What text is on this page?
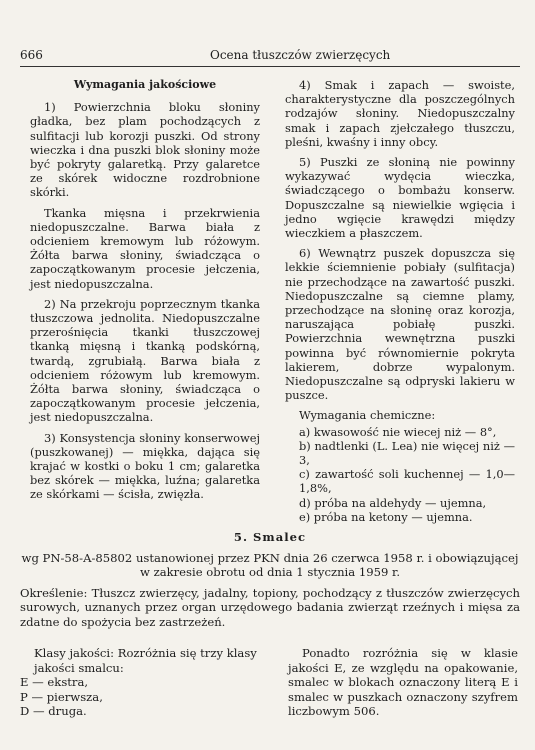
666	Ocena tłuszczów zwierzęcych
Wymagania jakościowe

1) Powierzchnia bloku słoniny gładka, bez plam pochodzących z sulfitacji lub korozji puszki. Od strony wieczka i dna puszki blok słoniny może być pokryty galaretką. Przy galaretce ze skórek widoczne rozdrobnione skórki.

Tkanka mięsna i przekrwienia niedopuszczalne. Barwa biała z odcieniem kremowym lub różowym. Żółta barwa słoniny, świadcząca o zapoczątkowanym procesie jełczenia, jest niedopuszczalna.

2) Na przekroju poprzecznym tkanka tłuszczowa jednolita. Niedopuszczalne przerośnięcia tkanki tłuszczowej tkanką mięsną i tkanką podskórną, twardą, zgrubiałą. Barwa biała z odcieniem różowym lub kremowym. Żółta barwa słoniny, świadcząca o zapoczątkowanym procesie jełczenia, jest niedopuszczalna.

3) Konsystencja słoniny konserwowej (puszkowanej) — miękka, dająca się krajać w kostki o boku 1 cm; galaretka bez skórek — miękka, luźna; galaretka ze skórkami — ścisła, zwięzła.

4) Smak i zapach — swoiste, charakterystyczne dla poszczególnych rodzajów słoniny. Niedopuszczalny smak i zapach zjełczałego tłuszczu, pleśni, kwaśny i inny obcy.

5) Puszki ze słoniną nie powinny wykazywać wydęcia wieczka, świadczącego o bombażu konserw. Dopuszczalne są niewielkie wgięcia i jedno wgięcie krawędzi między wieczkiem a płaszczem.

6) Wewnątrz puszek dopuszcza się lekkie ściemnienie pobiały (sulfitacja) nie przechodzące na zawartość puszki. Niedopuszczalne są ciemne plamy, przechodzące na słoninę oraz korozja, naruszająca pobiałę puszki. Powierzchnia wewnętrzna puszki powinna być równomiernie pokryta lakierem, dobrze wypalonym. Niedopuszczalne są odpryski lakieru w puszce.

Wymagania chemiczne:

a) kwasowość nie wiecej niż — 8°,

b) nadtlenki (L. Lea) nie więcej niż — 3,

c) zawartość soli kuchennej — 1,0—1,8%,

d) próba na aldehydy — ujemna,

e) próba na ketony — ujemna.

5. Smalec
wg PN-58-A-85802 ustanowionej przez PKN dnia 26 czerwca 1958 r. i obowiązującej w zakresie obrotu od dnia 1 stycznia 1959 r.
Określenie: Tłuszcz zwierzęcy, jadalny, topiony, pochodzący z tłuszczów zwierzęcych surowych, uznanych przez organ urzędowego badania zwierząt rzeźnych i mięsa za zdatne do spożycia bez zastrzeżeń.

Klasy jakości: Rozróżnia się trzy klasy jakości smalcu:

E — ekstra,

P — pierwsza,

D — druga.

Ponadto rozróżnia się w klasie jakości E, ze względu na opakowanie, smalec w blokach oznaczony literą E i smalec w puszkach oznaczony szyfrem liczbowym 506.
